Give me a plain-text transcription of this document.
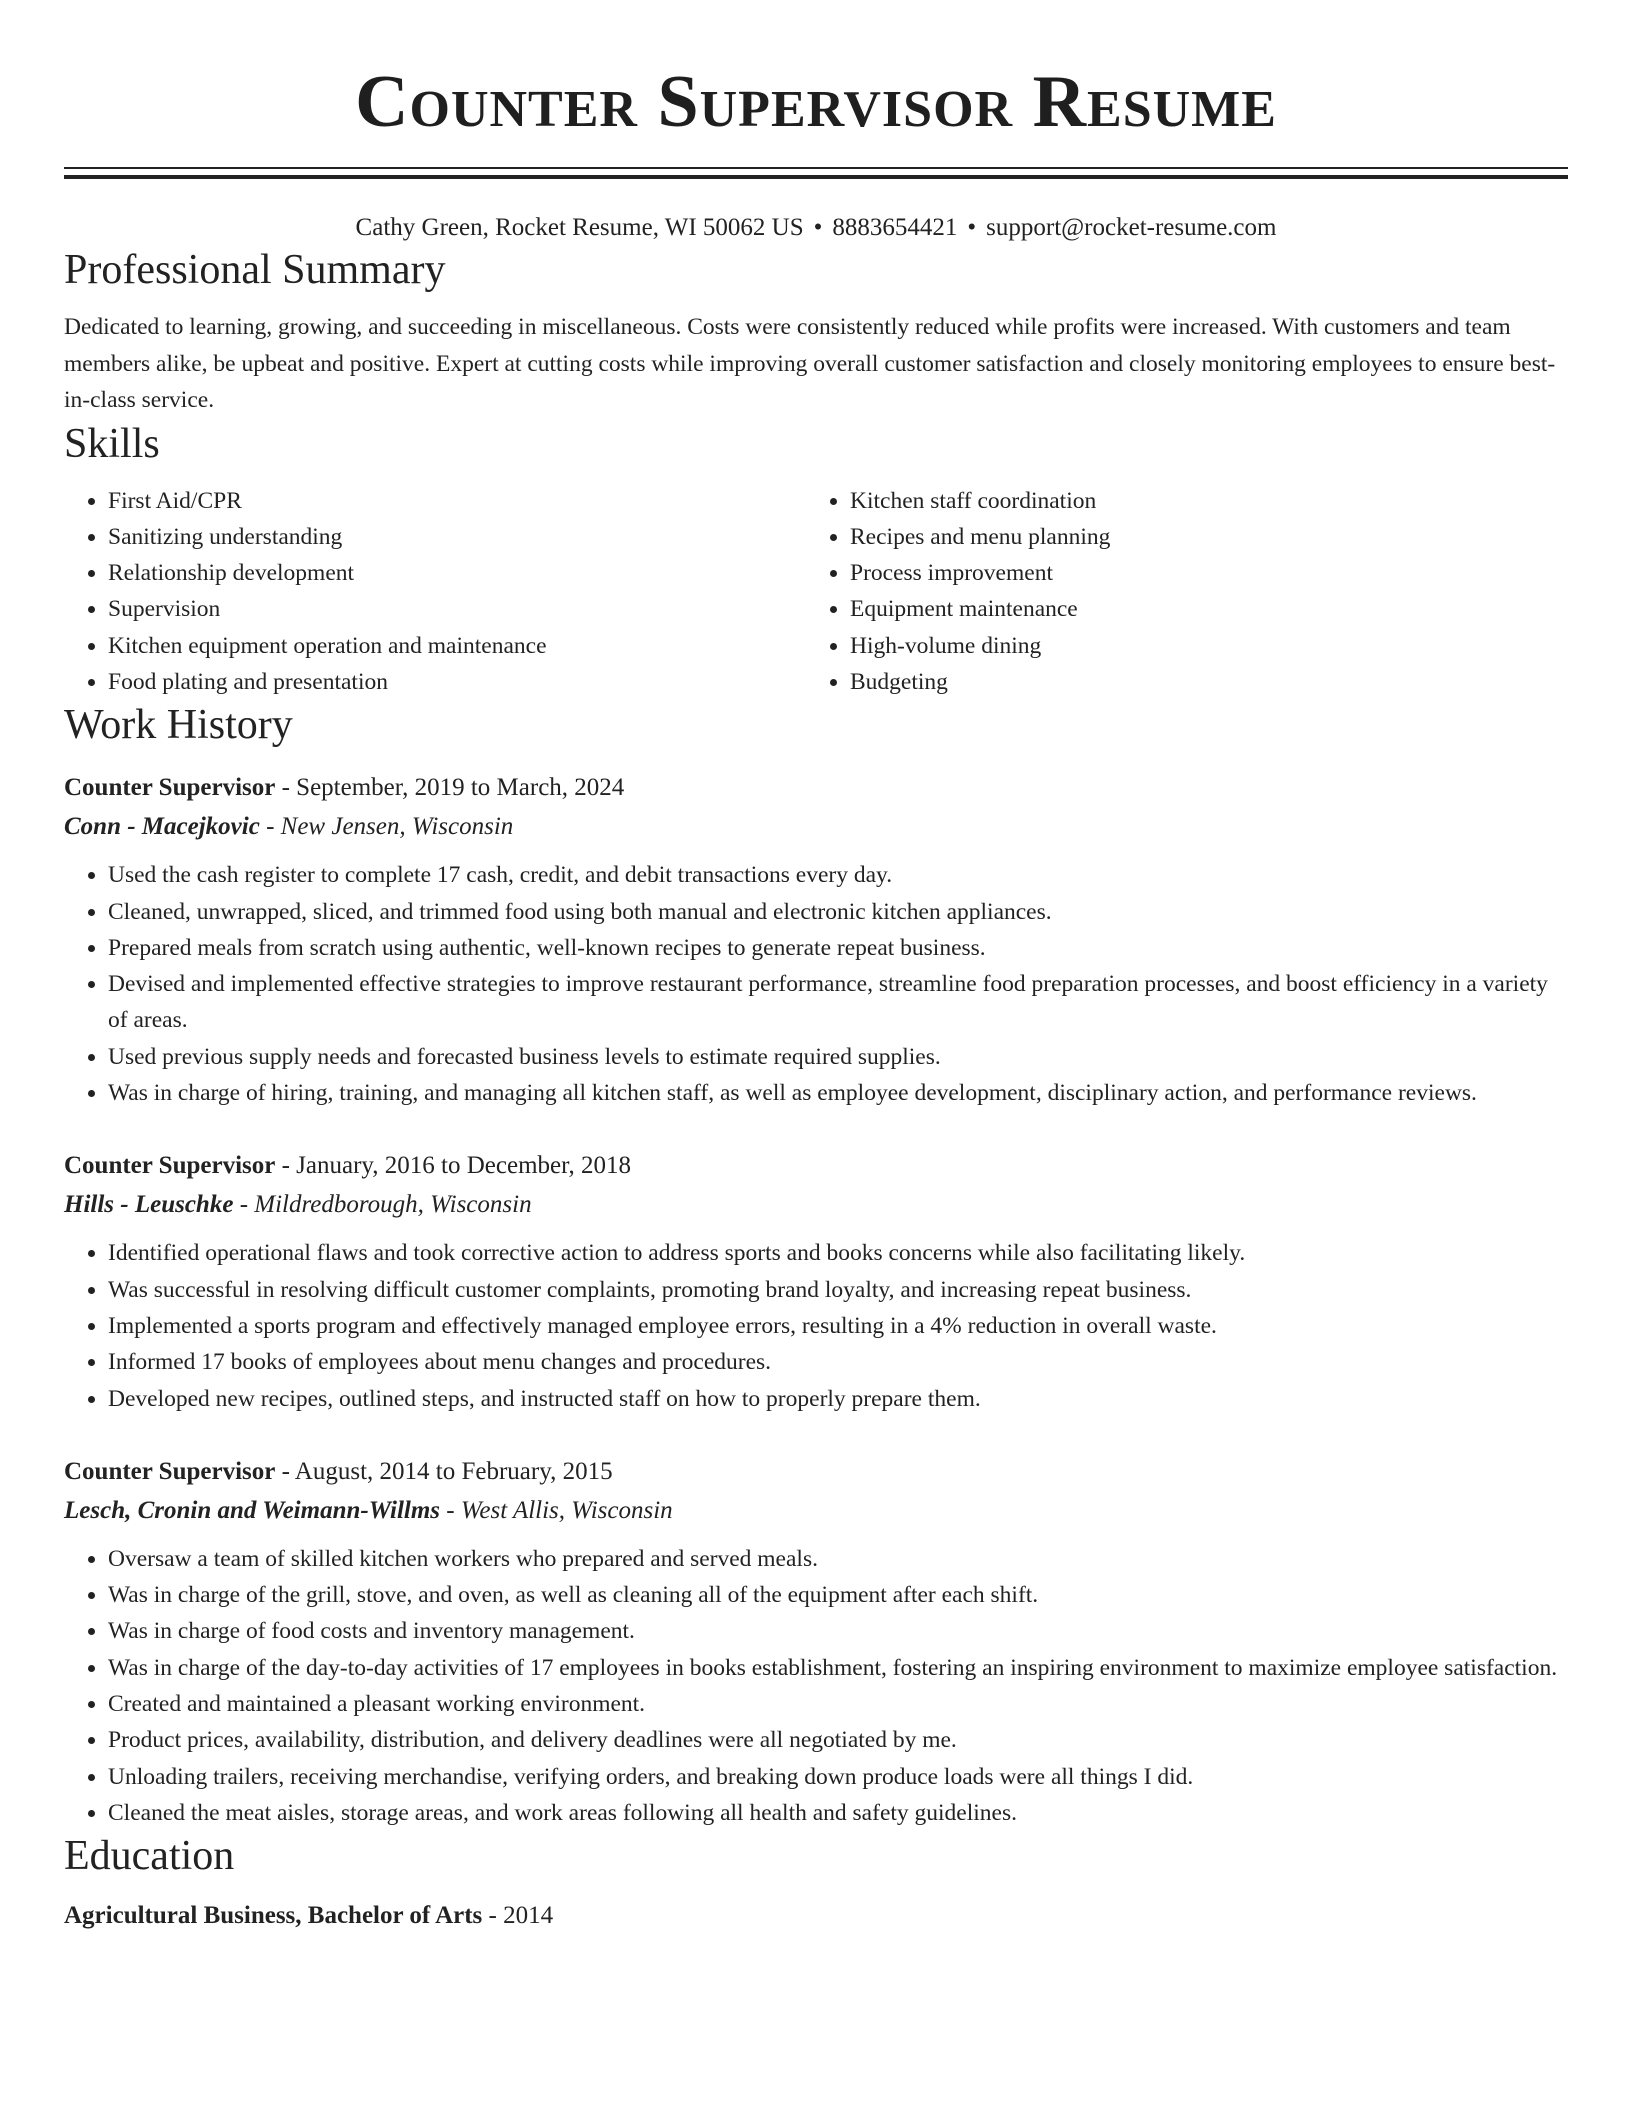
Counter Supervisor Resume
Cathy Green, Rocket Resume, WI 50062 US • 8883654421 • support@rocket-resume.com
Professional Summary

Dedicated to learning, growing, and succeeding in miscellaneous. Costs were consistently reduced while profits were increased. With customers and team members alike, be upbeat and positive. Expert at cutting costs while improving overall customer satisfaction and closely monitoring employees to ensure best-in-class service.

Skills
• First Aid/CPR
• Sanitizing understanding
• Relationship development
• Supervision
• Kitchen equipment operation and maintenance
• Food plating and presentation
• Kitchen staff coordination
• Recipes and menu planning
• Process improvement
• Equipment maintenance
• High-volume dining
• Budgeting
Work History
Counter Supervisor - September, 2019 to March, 2024
Conn - Macejkovic - New Jensen, Wisconsin
• Used the cash register to complete 17 cash, credit, and debit transactions every day.
• Cleaned, unwrapped, sliced, and trimmed food using both manual and electronic kitchen appliances.
• Prepared meals from scratch using authentic, well-known recipes to generate repeat business.
• Devised and implemented effective strategies to improve restaurant performance, streamline food preparation processes, and boost efficiency in a variety of areas.
• Used previous supply needs and forecasted business levels to estimate required supplies.
• Was in charge of hiring, training, and managing all kitchen staff, as well as employee development, disciplinary action, and performance reviews.
Counter Supervisor - January, 2016 to December, 2018
Hills - Leuschke - Mildredborough, Wisconsin
• Identified operational flaws and took corrective action to address sports and books concerns while also facilitating likely.
• Was successful in resolving difficult customer complaints, promoting brand loyalty, and increasing repeat business.
• Implemented a sports program and effectively managed employee errors, resulting in a 4% reduction in overall waste.
• Informed 17 books of employees about menu changes and procedures.
• Developed new recipes, outlined steps, and instructed staff on how to properly prepare them.
Counter Supervisor - August, 2014 to February, 2015
Lesch, Cronin and Weimann-Willms - West Allis, Wisconsin
• Oversaw a team of skilled kitchen workers who prepared and served meals.
• Was in charge of the grill, stove, and oven, as well as cleaning all of the equipment after each shift.
• Was in charge of food costs and inventory management.
• Was in charge of the day-to-day activities of 17 employees in books establishment, fostering an inspiring environment to maximize employee satisfaction.
• Created and maintained a pleasant working environment.
• Product prices, availability, distribution, and delivery deadlines were all negotiated by me.
• Unloading trailers, receiving merchandise, verifying orders, and breaking down produce loads were all things I did.
• Cleaned the meat aisles, storage areas, and work areas following all health and safety guidelines.
Education
Agricultural Business, Bachelor of Arts - 2014
